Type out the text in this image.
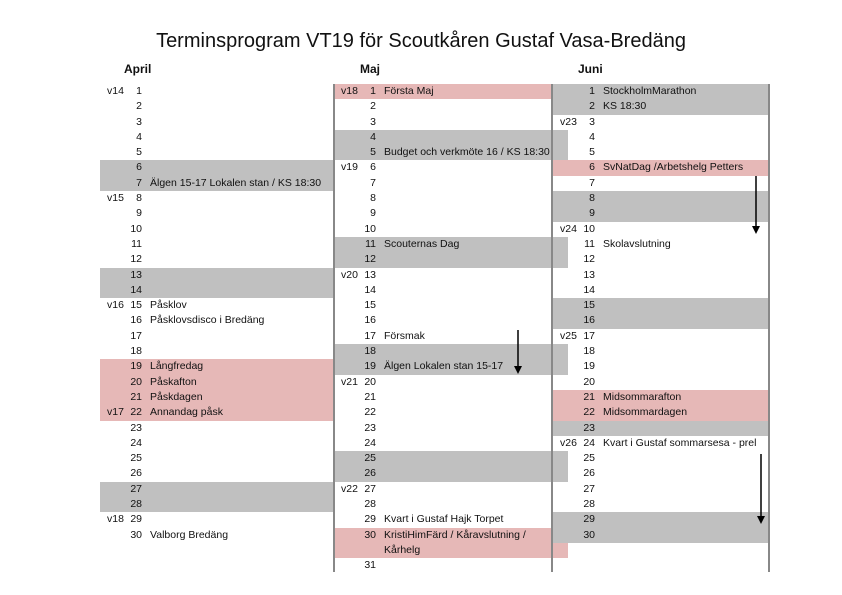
Terminsprogram VT19 för Scoutkåren Gustaf Vasa-Bredäng
April	Maj	Juni
v14	1
2
3
4
5
6
7 Älgen 15-17 Lokalen stan / KS 18:30
v15	8
9
10
11
12
13
14
v16 15 Påsklov
16 Påsklovsdisco i Bredäng
17
18
19 Långfredag
20 Påskafton
21 Påskdagen
v17 22 Annandag påsk
23
24
25
26
27
28
v18 29
30 Valborg Bredäng
v18	1 Första Maj
2
3
4
5 Budget och verkmöte 16 / KS 18:30
v19	6
7
8
9
10
11 Scouternas Dag
12
v20 13
14
15
16
17 Försmak
18
19 Älgen Lokalen stan 15-17
v21 20
21
22
23
24
25
26
v22 27
28
29 Kvart i Gustaf Hajk Torpet
30 KristiHimFärd / Kåravslutning / Kårhelg
31
1 StockholmMarathon
2 KS 18:30
v23	3
4
5
6 SvNatDag /Arbetshelg Petters
7
8
9
v24 10
11 Skolavslutning
12
13
14
15
16
v25 17
18
19
20
21 Midsommarafton
22 Midsommardagen
23
v26 24 Kvart i Gustaf sommarsesa - prel
25
26
27
28
29
30
